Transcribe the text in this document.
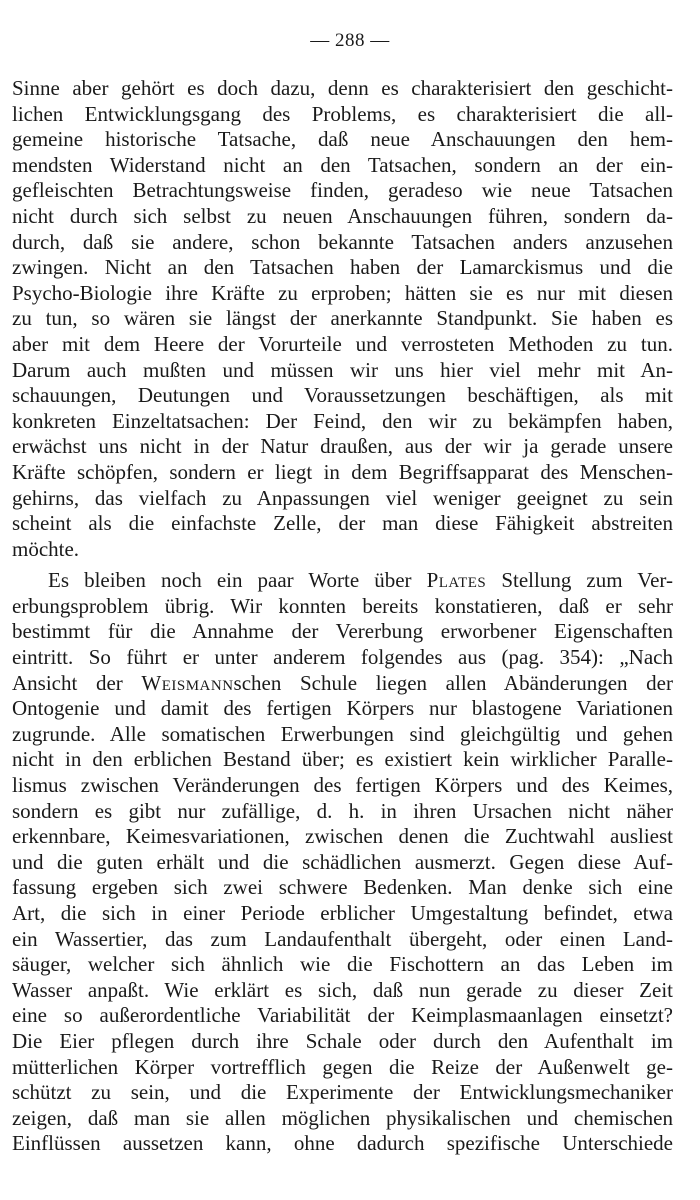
— 288 —
Sinne aber gehört es doch dazu, denn es charakterisiert den geschicht-
lichen Entwicklungsgang des Problems, es charakterisiert die all-
gemeine historische Tatsache, daß neue Anschauungen den hem-
mendsten Widerstand nicht an den Tatsachen, sondern an der ein-
gefleischten Betrachtungsweise finden, geradeso wie neue Tatsachen
nicht durch sich selbst zu neuen Anschauungen führen, sondern da-
durch, daß sie andere, schon bekannte Tatsachen anders anzusehen
zwingen. Nicht an den Tatsachen haben der Lamarckismus und die
Psycho-Biologie ihre Kräfte zu erproben; hätten sie es nur mit diesen
zu tun, so wären sie längst der anerkannte Standpunkt. Sie haben es
aber mit dem Heere der Vorurteile und verrosteten Methoden zu tun.
Darum auch mußten und müssen wir uns hier viel mehr mit An-
schauungen, Deutungen und Voraussetzungen beschäftigen, als mit
konkreten Einzeltatsachen: Der Feind, den wir zu bekämpfen haben,
erwächst uns nicht in der Natur draußen, aus der wir ja gerade unsere
Kräfte schöpfen, sondern er liegt in dem Begriffsapparat des Menschen-
gehirns, das vielfach zu Anpassungen viel weniger geeignet zu sein
scheint als die einfachste Zelle, der man diese Fähigkeit abstreiten
möchte.
Es bleiben noch ein paar Worte über Plates Stellung zum Ver-
erbungsproblem übrig. Wir konnten bereits konstatieren, daß er sehr
bestimmt für die Annahme der Vererbung erworbener Eigenschaften
eintritt. So führt er unter anderem folgendes aus (pag. 354): „Nach
Ansicht der Weismannschen Schule liegen allen Abänderungen der
Ontogenie und damit des fertigen Körpers nur blastogene Variationen
zugrunde. Alle somatischen Erwerbungen sind gleichgültig und gehen
nicht in den erblichen Bestand über; es existiert kein wirklicher Paralle-
lismus zwischen Veränderungen des fertigen Körpers und des Keimes,
sondern es gibt nur zufällige, d. h. in ihren Ursachen nicht näher
erkennbare, Keimesvariationen, zwischen denen die Zuchtwahl ausliest
und die guten erhält und die schädlichen ausmerzt. Gegen diese Auf-
fassung ergeben sich zwei schwere Bedenken. Man denke sich eine
Art, die sich in einer Periode erblicher Umgestaltung befindet, etwa
ein Wassertier, das zum Landaufenthalt übergeht, oder einen Land-
säuger, welcher sich ähnlich wie die Fischottern an das Leben im
Wasser anpaßt. Wie erklärt es sich, daß nun gerade zu dieser Zeit
eine so außerordentliche Variabilität der Keimplasmaanlagen einsetzt?
Die Eier pflegen durch ihre Schale oder durch den Aufenthalt im
mütterlichen Körper vortrefflich gegen die Reize der Außenwelt ge-
schützt zu sein, und die Experimente der Entwicklungsmechaniker
zeigen, daß man sie allen möglichen physikalischen und chemischen
Einflüssen aussetzen kann, ohne dadurch spezifische Unterschiede
